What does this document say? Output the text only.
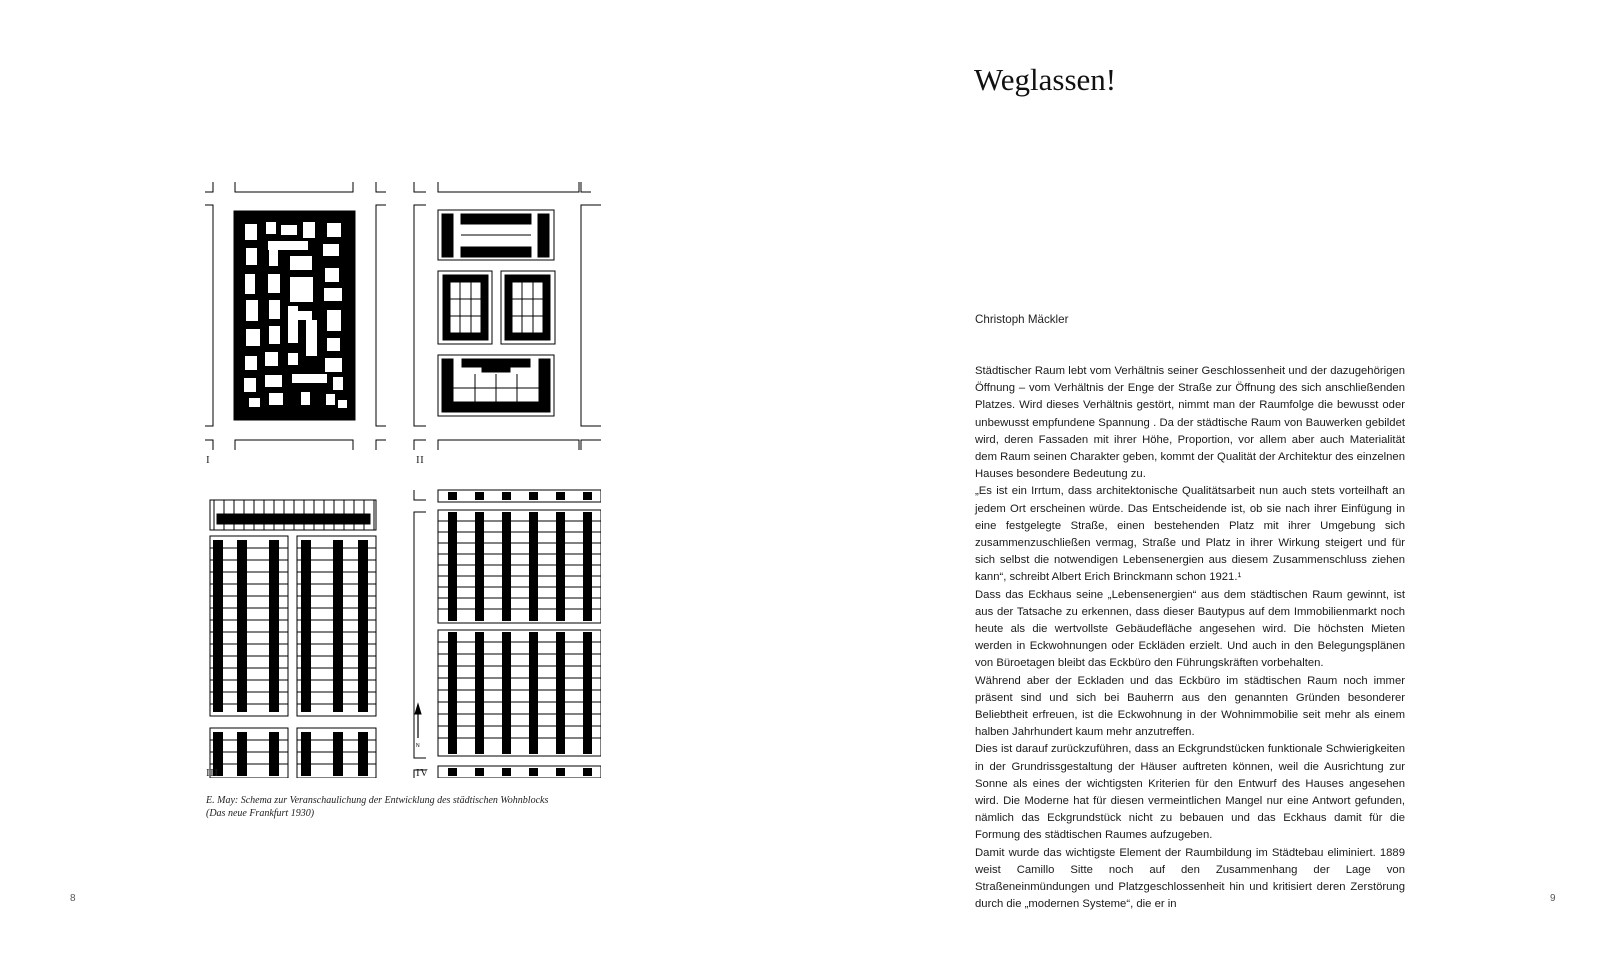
N
I	II
III	IV
E. May: Schema zur Veranschaulichung der Entwicklung des städtischen Wohnblocks
(Das neue Frankfurt 1930)
8
Weglassen!
Christoph Mäckler

Städtischer Raum lebt vom Verhältnis seiner Geschlossenheit und der dazugehörigen Öffnung – vom Verhältnis der Enge der Straße zur Öffnung des sich anschließenden Platzes. Wird dieses Verhältnis gestört, nimmt man der Raumfolge die bewusst oder unbewusst empfundene Spannung . Da der städtische Raum von Bauwerken gebildet wird, deren Fassaden mit ihrer Höhe, Proportion, vor allem aber auch Materialität dem Raum seinen Charakter geben, kommt der Qualität der Architektur des einzelnen Hauses besondere Bedeutung zu.

„Es ist ein Irrtum, dass architektonische Qualitätsarbeit nun auch stets vorteilhaft an jedem Ort erscheinen würde. Das Entscheidende ist, ob sie nach ihrer Einfügung in eine festgelegte Straße, einen bestehenden Platz mit ihrer Umgebung sich zusammenzuschließen vermag, Straße und Platz in ihrer Wirkung steigert und für sich selbst die notwendigen Lebensenergien aus diesem Zusammenschluss ziehen kann“, schreibt Albert Erich Brinckmann schon 1921.¹

Dass das Eckhaus seine „Lebensenergien“ aus dem städtischen Raum gewinnt, ist aus der Tatsache zu erkennen, dass dieser Bautypus auf dem Immobilienmarkt noch heute als die wertvollste Gebäudefläche angesehen wird. Die höchsten Mieten werden in Eckwohnungen oder Eckläden erzielt. Und auch in den Belegungsplänen von Büroetagen bleibt das Eckbüro den Führungskräften vorbehalten.

Während aber der Eckladen und das Eckbüro im städtischen Raum noch immer präsent sind und sich bei Bauherrn aus den genannten Gründen besonderer Beliebtheit erfreuen, ist die Eckwohnung in der Wohnimmobilie seit mehr als einem halben Jahrhundert kaum mehr anzutreffen.

Dies ist darauf zurückzuführen, dass an Eckgrundstücken funktionale Schwierigkeiten in der Grundrissgestaltung der Häuser auftreten können, weil die Ausrichtung zur Sonne als eines der wichtigsten Kriterien für den Entwurf des Hauses angesehen wird. Die Moderne hat für diesen vermeintlichen Mangel nur eine Antwort gefunden, nämlich das Eckgrundstück nicht zu bebauen und das Eckhaus damit für die Formung des städtischen Raumes aufzugeben.

Damit wurde das wichtigste Element der Raumbildung im Städtebau eliminiert. 1889 weist Camillo Sitte noch auf den Zusammenhang der Lage von Straßeneinmündungen und Platzgeschlossenheit hin und kritisiert deren Zerstörung durch die „modernen Systeme“, die er in	9
